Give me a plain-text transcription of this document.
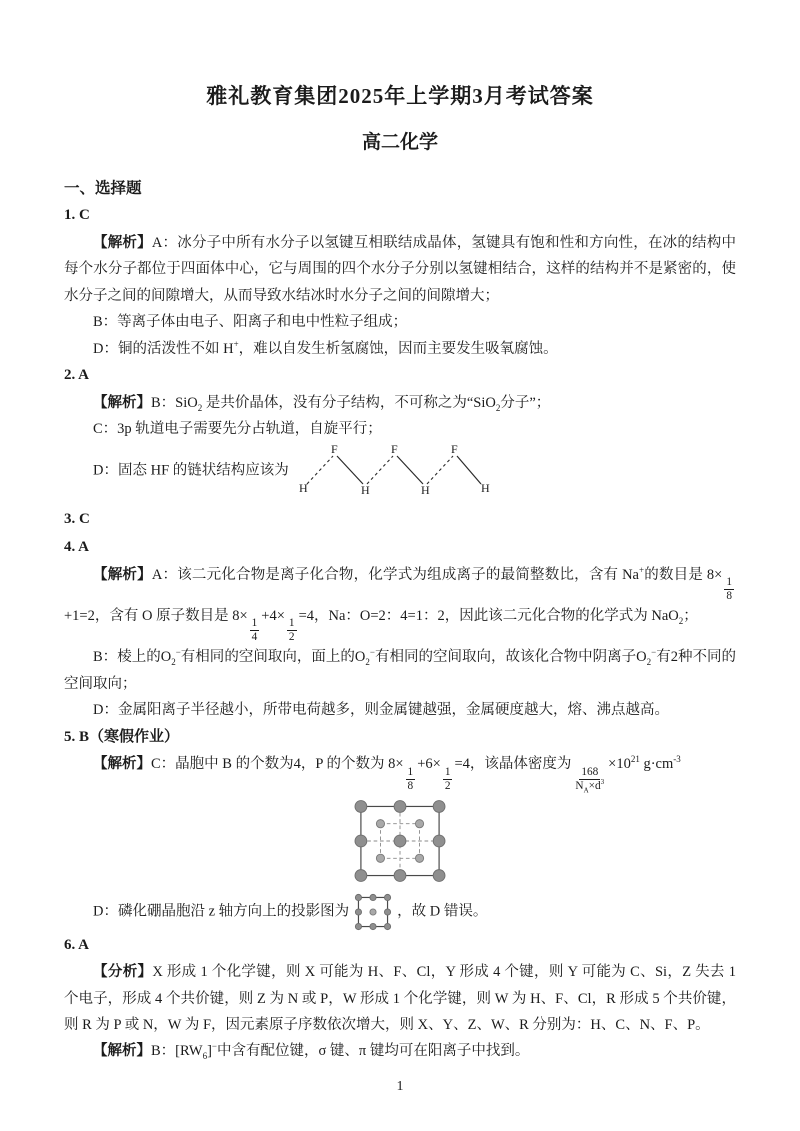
雅礼教育集团2025年上学期3月考试答案
高二化学
一、选择题
1. C

【解析】A：冰分子中所有水分子以氢键互相联结成晶体，氢键具有饱和性和方向性，在冰的结构中每个水分子都位于四面体中心，它与周围的四个水分子分别以氢键相结合，这样的结构并不是紧密的，使水分子之间的间隙增大，从而导致水结冰时水分子之间的间隙增大；

B：等离子体由电子、阳离子和电中性粒子组成；

D：铜的活泼性不如 H+，难以自发生析氢腐蚀，因而主要发生吸氧腐蚀。

2. A

【解析】B：SiO$_2$ 是共价晶体，没有分子结构，不可称之为“SiO$_2$分子”；

C：3p 轨道电子需要先分占轨道，自旋平行；

D：固态 HF 的链状结构应该为
H
F
H
F
H
F
H

3. C
4. A

【解析】A：该二元化合物是离子化合物，化学式为组成离子的最简整数比，含有 Na+的数目是 8×
$\frac{1}{8}$
+1=2，含有 O 原子数目是 8×
$\frac{1}{4}$
+4×
$\frac{1}{2}$
=4，Na：O=2：4=1：2，因此该二元化合物的化学式为 NaO$_2$；

B：棱上的$O_2^-$有相同的空间取向，面上的$O_2^-$有相同的空间取向，故该化合物中阴离子$O_2^-$有2种不同的空间取向；

D：金属阳离子半径越小，所带电荷越多，则金属键越强，金属硬度越大，熔、沸点越高。

5. B（寒假作业）

【解析】C：晶胞中 B 的个数为4，P 的个数为 8×
$\frac{1}{8}$
+6×
$\frac{1}{2}$
=4，该晶体密度为
$\frac{168}{N_A\times d^3}$
$\times 10^{21}$ $g\cdot cm^{-3}$

D：磷化硼晶胞沿 z 轴方向上的投影图为	，故 D 错误。

6. A

【分析】X 形成 1 个化学键，则 X 可能为 H、F、Cl，Y 形成 4 个键，则 Y 可能为 C、Si，Z 失去 1 个电子，形成 4 个共价键，则 Z 为 N 或 P，W 形成 1 个化学键，则 W 为 H、F、Cl，R 形成 5 个共价键，则 R 为 P 或 N，W 为 F，因元素原子序数依次增大，则 X、Y、Z、W、R 分别为：H、C、N、F、P。

【解析】B：$[RW_6]^-$中含有配位键，σ 键、π 键均可在阳离子中找到。

1
